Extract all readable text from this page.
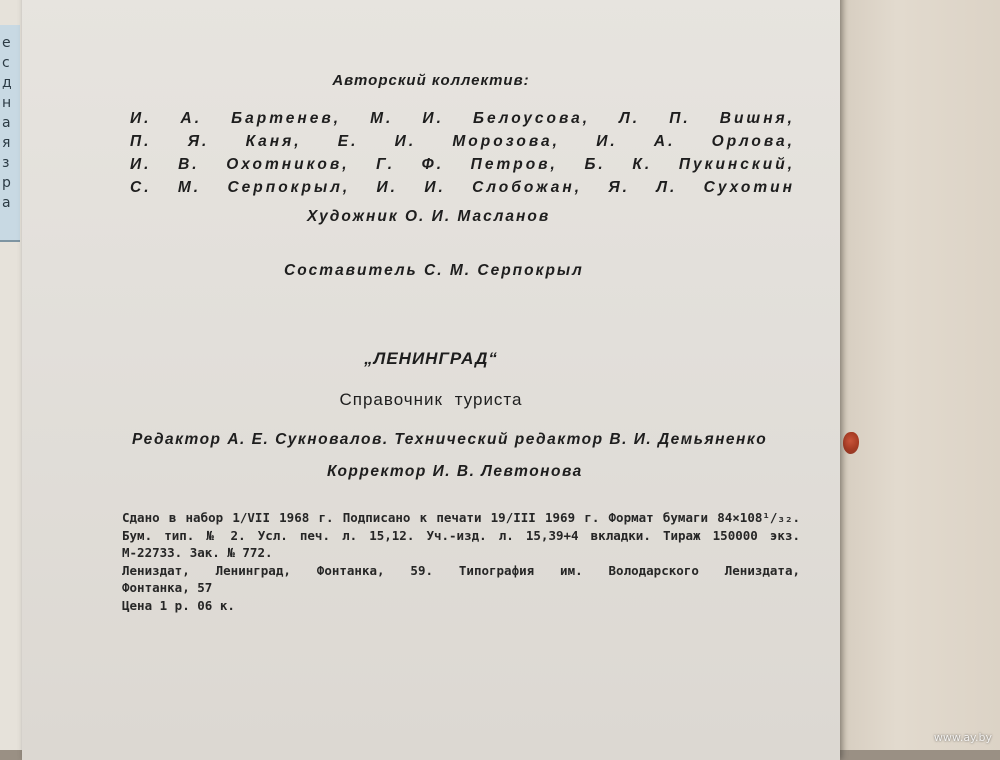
е
с
д
н
а
я
з
р
а
Авторский коллектив:
И. А. Бартенев, М. И. Белоусова, Л. П. Вишня,
П. Я. Каня, Е. И. Морозова, И. А. Орлова,
И. В. Охотников, Г. Ф. Петров, Б. К. Пукинский,
С. М. Серпокрыл, И. И. Слобожан, Я. Л. Сухотин
Художник О. И. Масланов
Составитель С. М. Серпокрыл
„ЛЕНИНГРАД“
Справочник туриста
Редактор А. Е. Сукновалов. Технический редактор В. И. Демьяненко
Корректор И. В. Левтонова
Сдано в набор 1/VII 1968 г. Подписано к печати 19/III 1969 г. Формат бумаги 84×108¹/₃₂.
Бум. тип. № 2. Усл. печ. л. 15,12. Уч.-изд. л. 15,39+4 вкладки. Тираж 150000 экз.
М-22733. Зак. № 772.
Лениздат, Ленинград, Фонтанка, 59. Типография им. Володарского Лениздата,
Фонтанка, 57
Цена 1 р. 06 к.
www.ay.by
